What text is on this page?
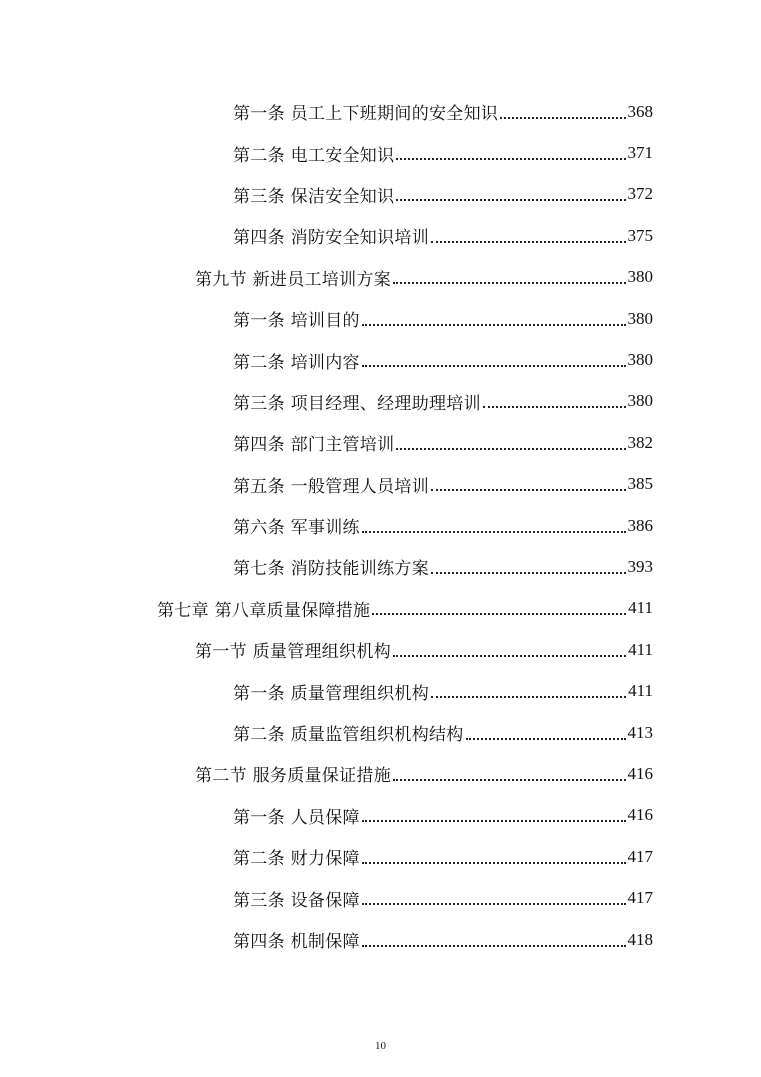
第一条 员工上下班期间的安全知识	368
第二条 电工安全知识	371
第三条 保洁安全知识	372
第四条 消防安全知识培训	375
第九节 新进员工培训方案	380
第一条 培训目的	380
第二条 培训内容	380
第三条 项目经理、经理助理培训	380
第四条 部门主管培训	382
第五条 一般管理人员培训	385
第六条 军事训练	386
第七条 消防技能训练方案	393
第七章 第八章质量保障措施	411
第一节 质量管理组织机构	411
第一条 质量管理组织机构	411
第二条 质量监管组织机构结构	413
第二节 服务质量保证措施	416
第一条 人员保障	416
第二条 财力保障	417
第三条 设备保障	417
第四条 机制保障	418
10
